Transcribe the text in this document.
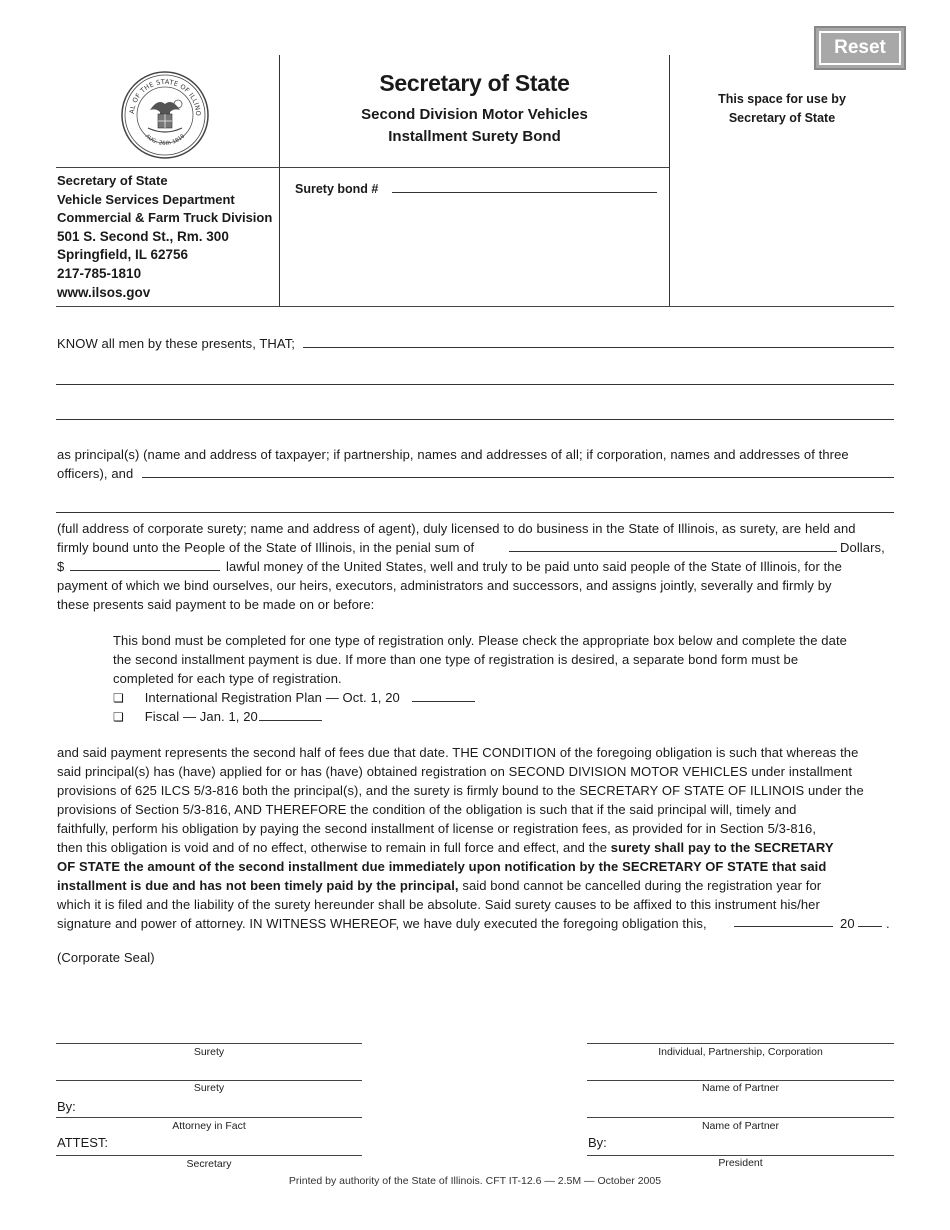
Reset
AL OF THE STATE OF ILLINO
AUG. 26th 1818
Secretary of State
Second Division Motor Vehicles
Installment Surety Bond
This space for use by
Secretary of State
Secretary of State
Vehicle Services Department
Commercial & Farm Truck Division
501 S. Second St., Rm. 300
Springfield, IL 62756
217-785-1810
www.ilsos.gov
Surety bond #
KNOW all men by these presents, THAT;
as principal(s) (name and address of taxpayer; if partnership, names and addresses of all; if corporation, names and addresses of three
officers), and
(full address of corporate surety; name and address of agent), duly licensed to do business in the State of Illinois, as surety, are held and
firmly bound unto the People of the State of Illinois, in the penial sum of	Dollars,
$	lawful money of the United States, well and truly to be paid unto said people of the State of Illinois, for the
payment of which we bind ourselves, our heirs, executors, administrators and successors, and assigns jointly, severally and firmly by
these presents said payment to be made on or before:
This bond must be completed for one type of registration only. Please check the appropriate box below and complete the date
the second installment payment is due. If more than one type of registration is desired, a separate bond form must be
completed for each type of registration.
❏ International Registration Plan — Oct. 1, 20
❏ Fiscal — Jan. 1, 20
and said payment represents the second half of fees due that date. THE CONDITION of the foregoing obligation is such that whereas the
said principal(s) has (have) applied for or has (have) obtained registration on SECOND DIVISION MOTOR VEHICLES under installment
provisions of 625 ILCS 5/3-816 both the principal(s), and the surety is firmly bound to the SECRETARY OF STATE OF ILLINOIS under the
provisions of Section 5/3-816, AND THEREFORE the condition of the obligation is such that if the said principal will, timely and
faithfully, perform his obligation by paying the second installment of license or registration fees, as provided for in Section 5/3-816,
then this obligation is void and of no effect, otherwise to remain in full force and effect, and the surety shall pay to the SECRETARY
OF STATE the amount of the second installment due immediately upon notification by the SECRETARY OF STATE that said
installment is due and has not been timely paid by the principal, said bond cannot be cancelled during the registration year for
which it is filed and the liability of the surety hereunder shall be absolute. Said surety causes to be affixed to this instrument his/her
signature and power of attorney. IN WITNESS WHEREOF, we have duly executed the foregoing obligation this,	20 .
(Corporate Seal)
Surety
Surety
By:
Attorney in Fact
ATTEST:
Secretary
Individual, Partnership, Corporation
Name of Partner
Name of Partner
By:
President
Printed by authority of the State of Illinois. CFT IT-12.6 — 2.5M — October 2005
